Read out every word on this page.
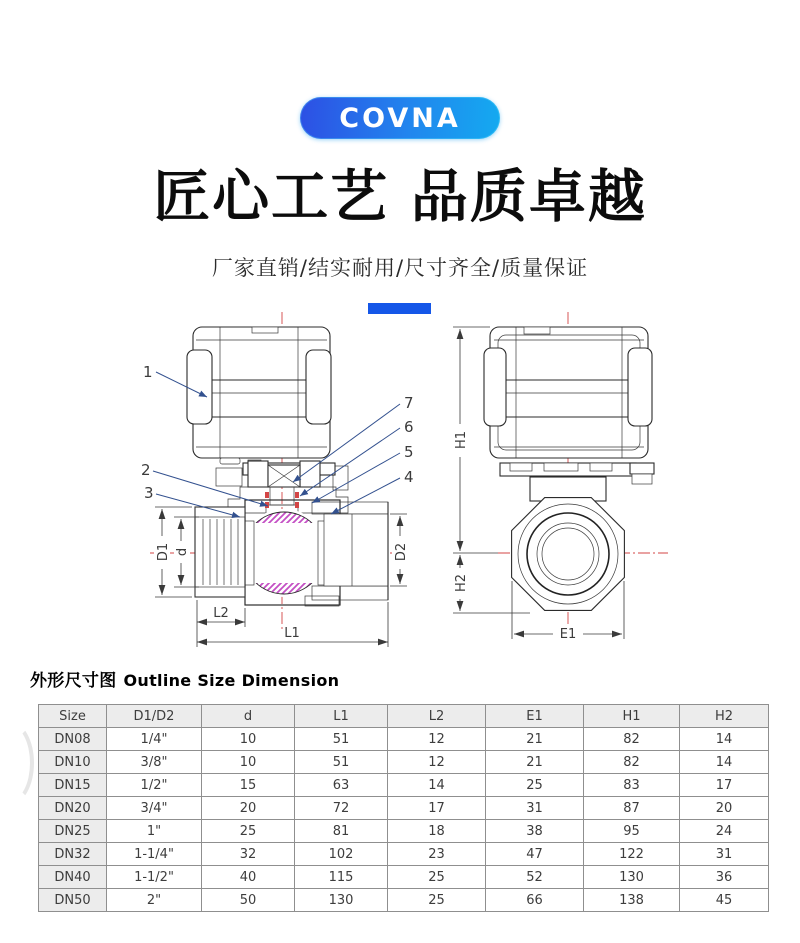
COVNA
匠心工艺 品质卓越
厂家直销/结实耐用/尺寸齐全/质量保证
D1 d	D2
L2
L1
1
2
3
7
6
5
4
H1
H2
E1
外形尺寸图 Outline Size Dimension
Size	D1/D2	d	L1	L2	E1	H1	H2
DN08	1/4"	10	51	12	21	82	14
DN10	3/8"	10	51	12	21	82	14
DN15	1/2"	15	63	14	25	83	17
DN20	3/4"	20	72	17	31	87	20
DN25	1"	25	81	18	38	95	24
DN32	1-1/4"	32	102	23	47	122	31
DN40	1-1/2"	40	115	25	52	130	36
DN50	2"	50	130	25	66	138	45
